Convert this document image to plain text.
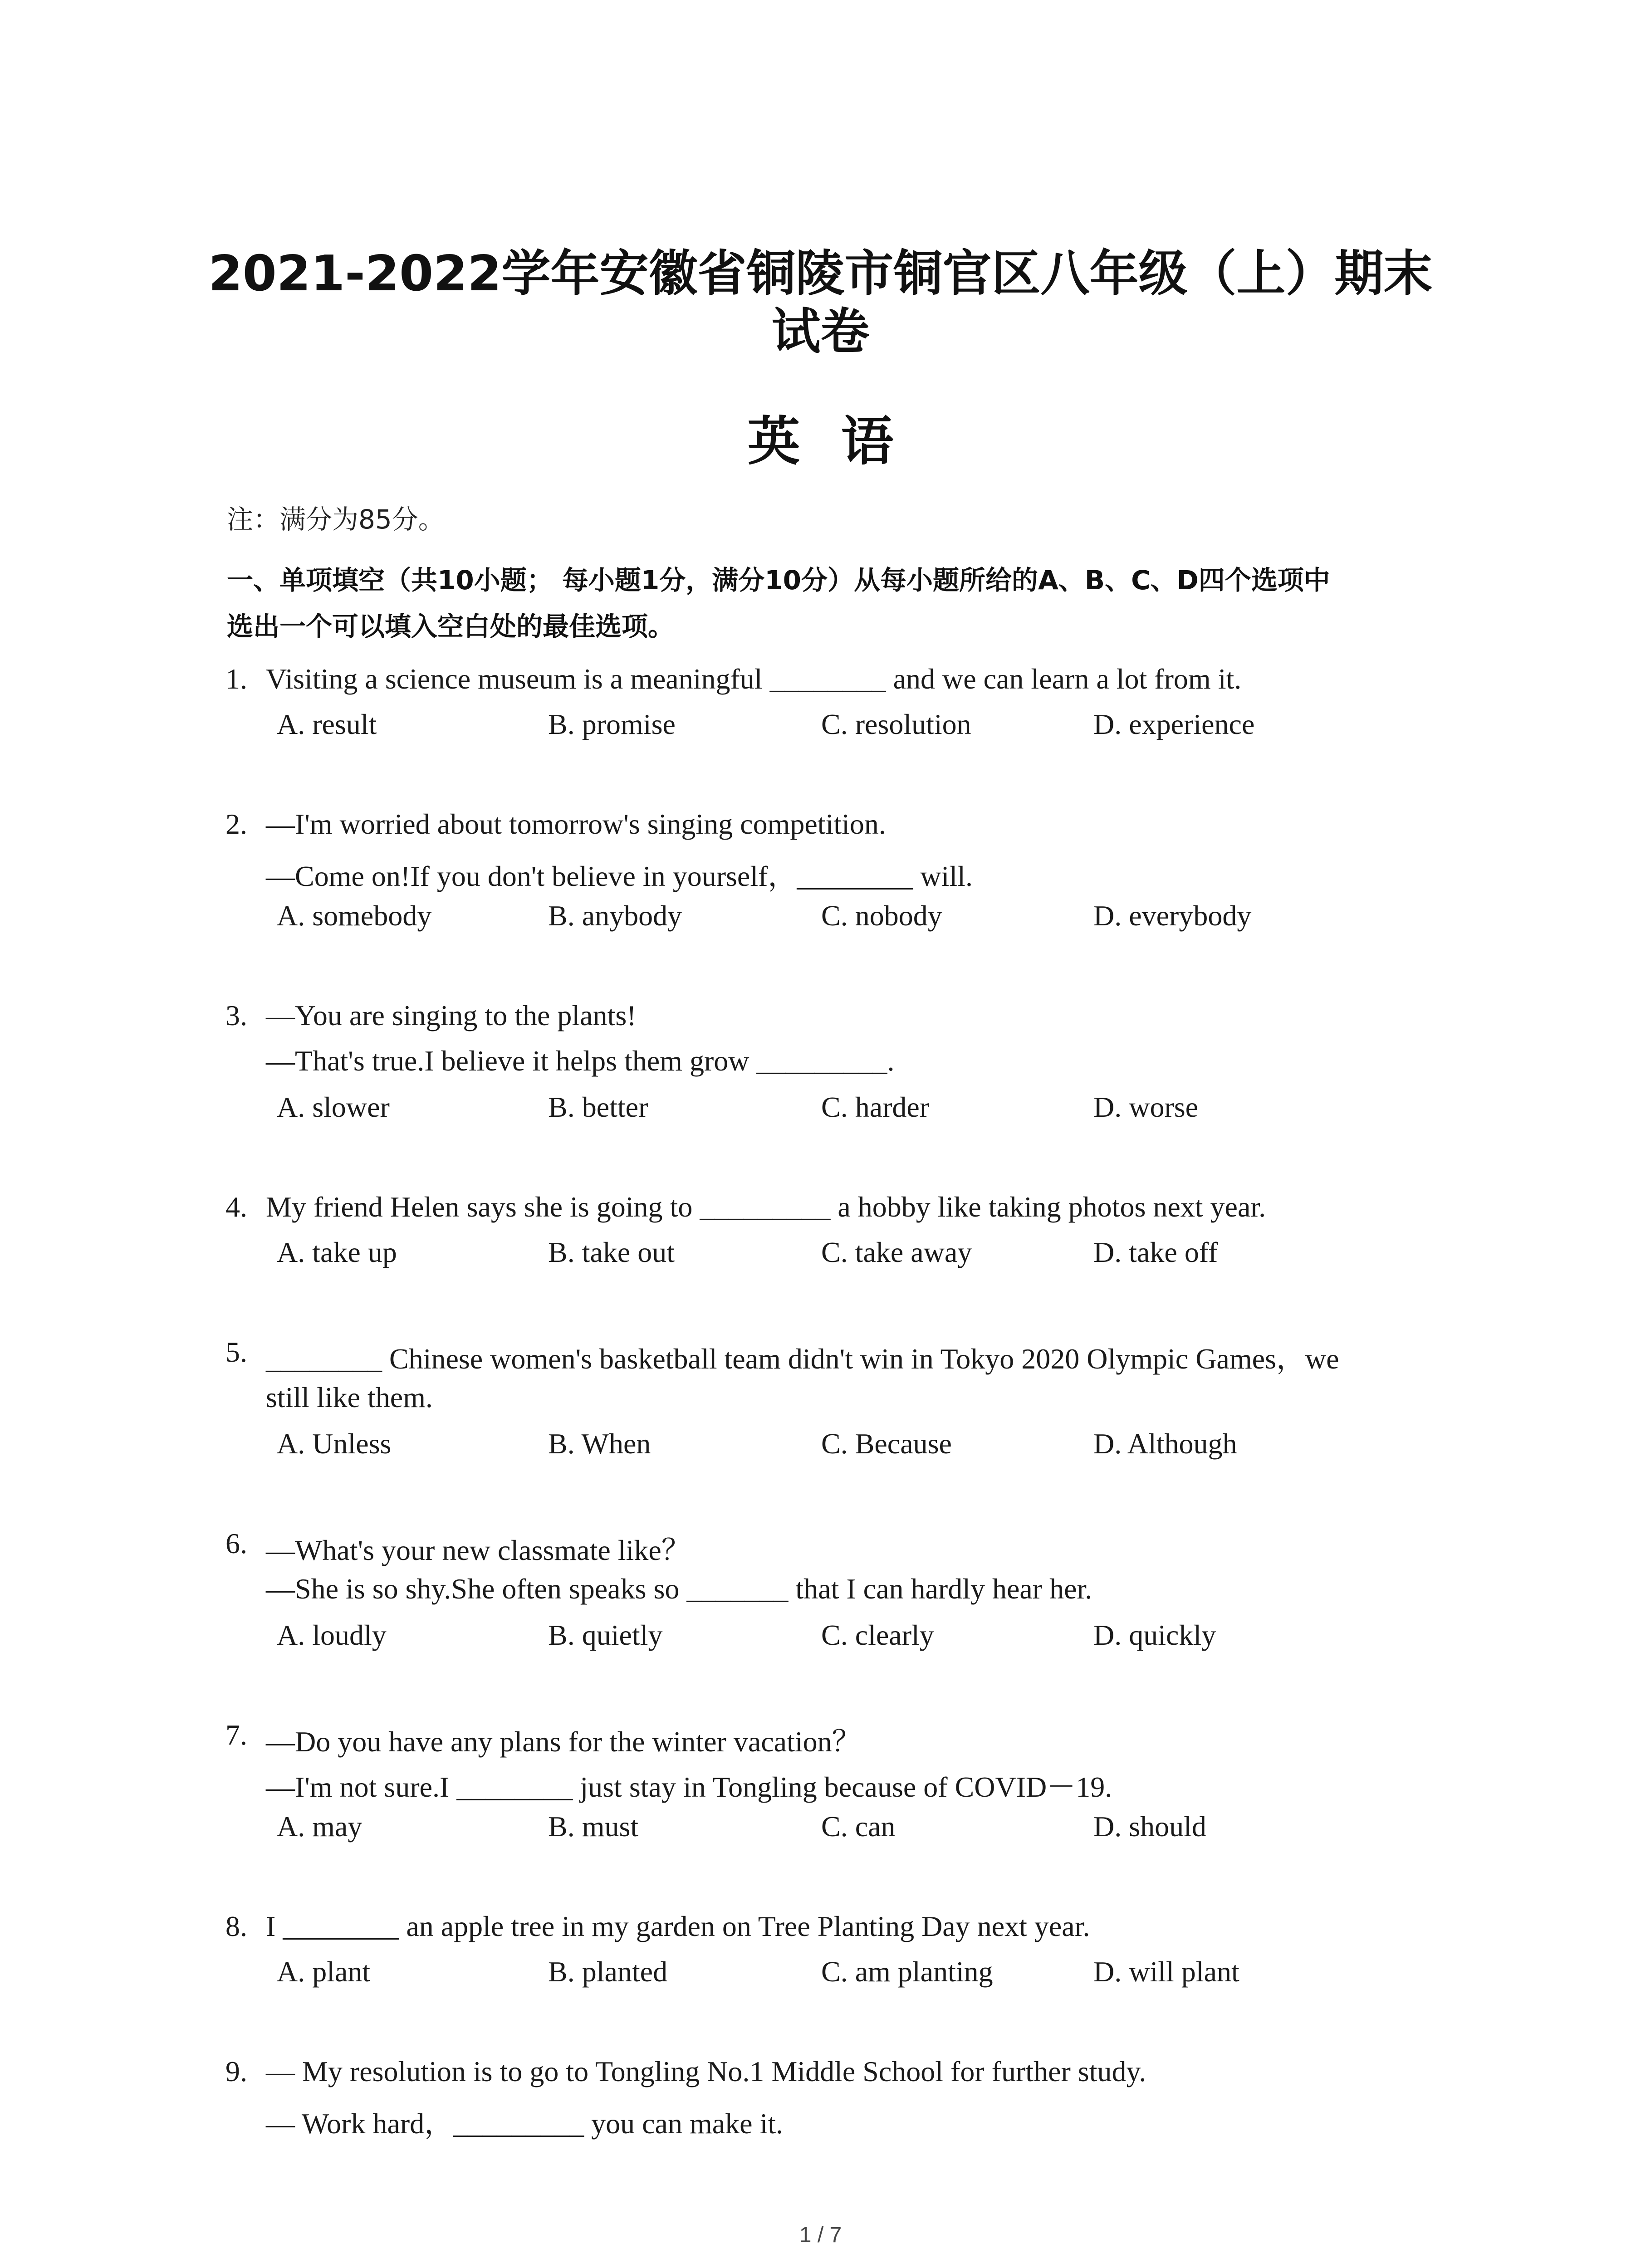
2021-2022学年安徽省铜陵市铜官区八年级（上）期末
试卷
英语
注：满分为85分。
一、单项填空（共10小题； 每小题1分，满分10分）从每小题所给的A、B、C、D四个选项中
选出一个可以填入空白处的最佳选项。
1. Visiting a science museum is a meaningful ________ and we can learn a lot from it.
A. result	B. promise	C. resolution	D. experience
2. —I'm worried about tomorrow's singing competition.
—Come on!If you don't believe in yourself，________ will.
A. somebody	B. anybody	C. nobody	D. everybody
3. —You are singing to the plants!
—That's true.I believe it helps them grow _________.
A. slower	B. better	C. harder	D. worse
4. My friend Helen says she is going to _________ a hobby like taking photos next year.
A. take up	B. take out	C. take away	D. take off
5. ________ Chinese women's basketball team didn't win in Tokyo 2020 Olympic Games，we
still like them.
A. Unless	B. When	C. Because	D. Although
6. —What's your new classmate like？
—She is so shy.She often speaks so _______ that I can hardly hear her.
A. loudly	B. quietly	C. clearly	D. quickly
7. —Do you have any plans for the winter vacation？
—I'm not sure.I ________ just stay in Tongling because of COVID－19.
A. may	B. must	C. can	D. should
8. I ________ an apple tree in my garden on Tree Planting Day next year.
A. plant	B. planted	C. am planting	D. will plant
9. — My resolution is to go to Tongling No.1 Middle School for further study.
— Work hard，_________ you can make it.
1 / 7
